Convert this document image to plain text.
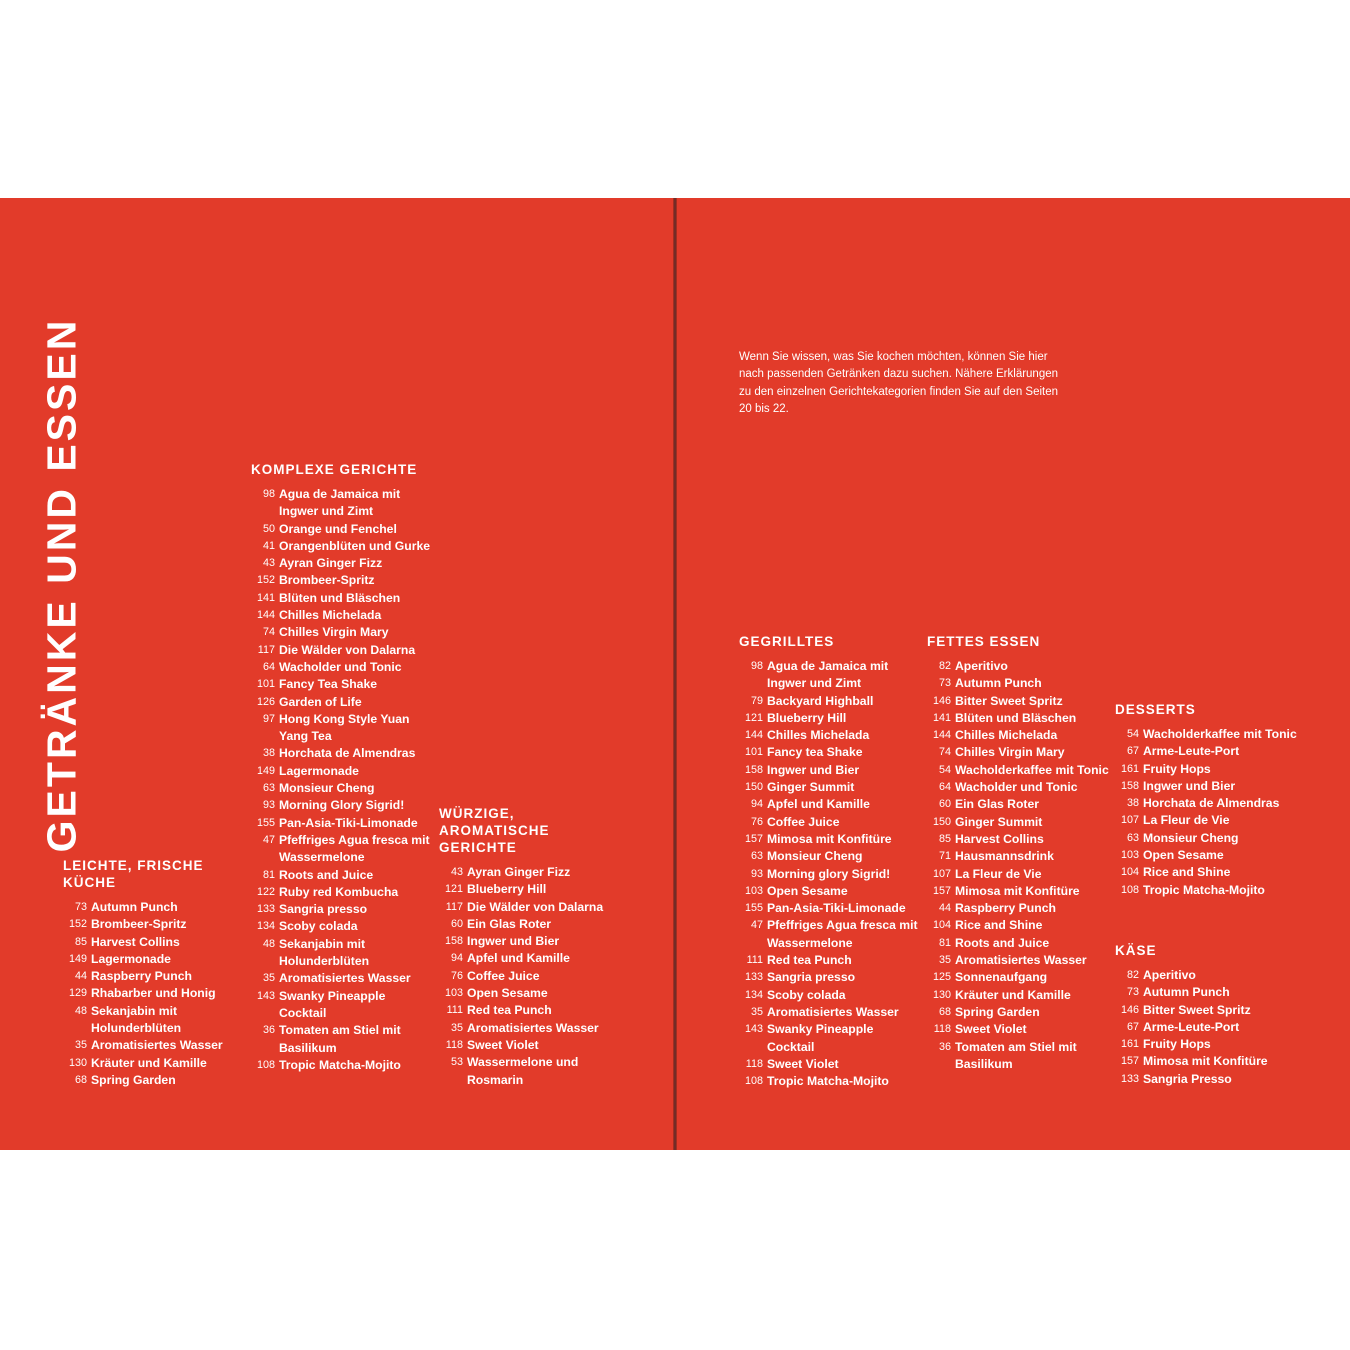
GETRÄNKE UND ESSEN	Wenn Sie wissen, was Sie kochen möchten, können Sie hier nach passenden Getränken dazu suchen. Nähere Erklärungen zu den einzelnen Gerichtekategorien finden Sie auf den Seiten 20 bis 22.
LEICHTE, FRISCHE KÜCHE
73 Autumn Punch
152 Brombeer-Spritz
85 Harvest Collins
149 Lagermonade
44 Raspberry Punch
129 Rhabarber und Honig
48 Sekanjabin mit Holunderblüten
35 Aromatisiertes Wasser
130 Kräuter und Kamille
68 Spring Garden
KOMPLEXE GERICHTE
98 Agua de Jamaica mit Ingwer und Zimt
50 Orange und Fenchel
41 Orangenblüten und Gurke
43 Ayran Ginger Fizz
152 Brombeer-Spritz
141 Blüten und Bläschen
144 Chilles Michelada
74 Chilles Virgin Mary
117 Die Wälder von Dalarna
64 Wacholder und Tonic
101 Fancy Tea Shake
126 Garden of Life
97 Hong Kong Style Yuan Yang Tea
38 Horchata de Almendras
149 Lagermonade
63 Monsieur Cheng
93 Morning Glory Sigrid!
155 Pan-Asia-Tiki-Limonade
47 Pfeffriges Agua fresca mit Wassermelone
81 Roots and Juice
122 Ruby red Kombucha
133 Sangria presso
134 Scoby colada
48 Sekanjabin mit Holunderblüten
35 Aromatisiertes Wasser
143 Swanky Pineapple Cocktail
36 Tomaten am Stiel mit Basilikum
108 Tropic Matcha-Mojito
WÜRZIGE, AROMATISCHE GERICHTE
43 Ayran Ginger Fizz
121 Blueberry Hill
117 Die Wälder von Dalarna
60 Ein Glas Roter
158 Ingwer und Bier
94 Apfel und Kamille
76 Coffee Juice
103 Open Sesame
111 Red tea Punch
35 Aromatisiertes Wasser
118 Sweet Violet
53 Wassermelone und Rosmarin
GEGRILLTES
98 Agua de Jamaica mit Ingwer und Zimt
79 Backyard Highball
121 Blueberry Hill
144 Chilles Michelada
101 Fancy tea Shake
158 Ingwer und Bier
150 Ginger Summit
94 Apfel und Kamille
76 Coffee Juice
157 Mimosa mit Konfitüre
63 Monsieur Cheng
93 Morning glory Sigrid!
103 Open Sesame
155 Pan-Asia-Tiki-Limonade
47 Pfeffriges Agua fresca mit Wassermelone
111 Red tea Punch
133 Sangria presso
134 Scoby colada
35 Aromatisiertes Wasser
143 Swanky Pineapple Cocktail
118 Sweet Violet
108 Tropic Matcha-Mojito
FETTES ESSEN
82 Aperitivo
73 Autumn Punch
146 Bitter Sweet Spritz
141 Blüten und Bläschen
144 Chilles Michelada
74 Chilles Virgin Mary
54 Wacholderkaffee mit Tonic
64 Wacholder und Tonic
60 Ein Glas Roter
150 Ginger Summit
85 Harvest Collins
71 Hausmannsdrink
107 La Fleur de Vie
157 Mimosa mit Konfitüre
44 Raspberry Punch
104 Rice and Shine
81 Roots and Juice
35 Aromatisiertes Wasser
125 Sonnenaufgang
130 Kräuter und Kamille
68 Spring Garden
118 Sweet Violet
36 Tomaten am Stiel mit Basilikum
DESSERTS
54 Wacholderkaffee mit Tonic
67 Arme-Leute-Port
161 Fruity Hops
158 Ingwer und Bier
38 Horchata de Almendras
107 La Fleur de Vie
63 Monsieur Cheng
103 Open Sesame
104 Rice and Shine
108 Tropic Matcha-Mojito
KÄSE
82 Aperitivo
73 Autumn Punch
146 Bitter Sweet Spritz
67 Arme-Leute-Port
161 Fruity Hops
157 Mimosa mit Konfitüre
133 Sangria Presso
